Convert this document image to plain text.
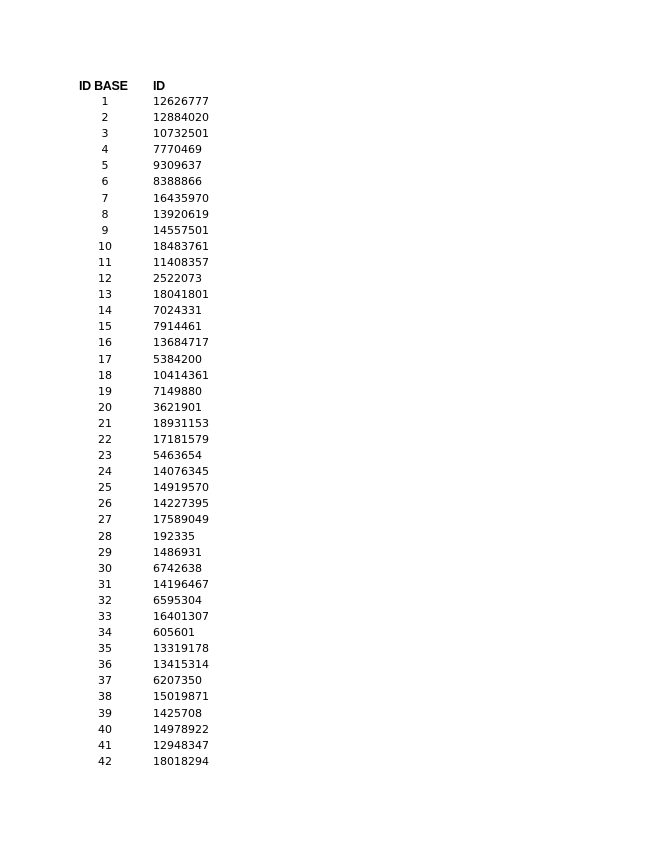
ID BASE	ID
1	12626777
2	12884020
3	10732501
4	7770469
5	9309637
6	8388866
7	16435970
8	13920619
9	14557501
10	18483761
11	11408357
12	2522073
13	18041801
14	7024331
15	7914461
16	13684717
17	5384200
18	10414361
19	7149880
20	3621901
21	18931153
22	17181579
23	5463654
24	14076345
25	14919570
26	14227395
27	17589049
28	192335
29	1486931
30	6742638
31	14196467
32	6595304
33	16401307
34	605601
35	13319178
36	13415314
37	6207350
38	15019871
39	1425708
40	14978922
41	12948347
42	18018294
